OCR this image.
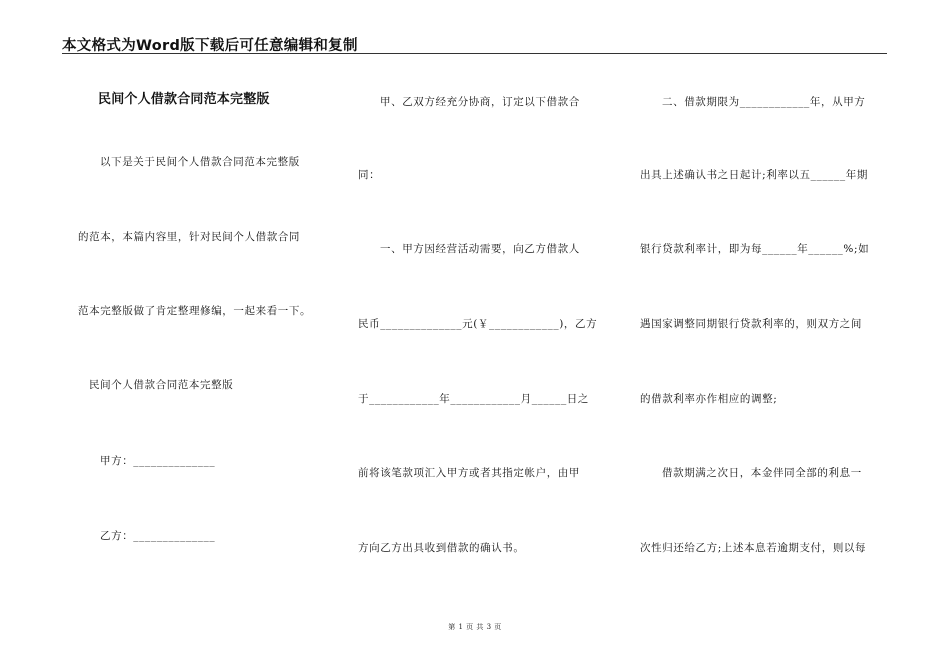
本文格式为Word版下载后可任意编辑和复制
民间个人借款合同范本完整版
以下是关于民间个人借款合同范本完整版
的范本，本篇内容里，针对民间个人借款合同
范本完整版做了肯定整理修编，一起来看一下。
民间个人借款合同范本完整版
甲方：______________
乙方：______________
甲、乙双方经充分协商，订定以下借款合
同：
一、甲方因经营活动需要，向乙方借款人
民币______________元(￥____________)，乙方
于____________年____________月______日之
前将该笔款项汇入甲方或者其指定帐户，由甲
方向乙方出具收到借款的确认书。
二、借款期限为____________年，从甲方
出具上述确认书之日起计;利率以五______年期
银行贷款利率计，即为每______年______%;如
遇国家调整同期银行贷款利率的，则双方之间
的借款利率亦作相应的调整;
借款期满之次日，本金伴同全部的利息一
次性归还给乙方;上述本息若逾期支付，则以每
第 1 页 共 3 页
